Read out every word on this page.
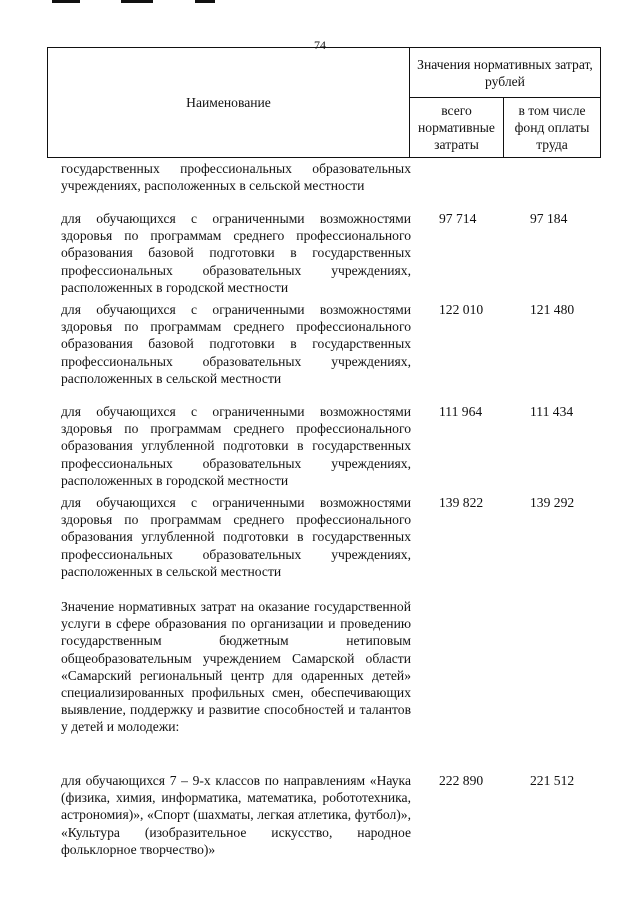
74
Наименование	Значения нормативных затрат, рублей	
	всего нормативные затраты	в том числе фонд оплаты труда
государственных профессиональных образовательных учреждениях, расположенных в сельской местности
для обучающихся с ограниченными возможностями здоровья по программам среднего профессионального образования базовой подготовки в государственных профессиональных образовательных учреждениях, расположенных в городской местности
97 714	97 184
для обучающихся с ограниченными возможностями здоровья по программам среднего профессионального образования базовой подготовки в государственных профессиональных образовательных учреждениях, расположенных в сельской местности
122 010	121 480
для обучающихся с ограниченными возможностями здоровья по программам среднего профессионального образования углубленной подготовки в государственных профессиональных образовательных учреждениях, расположенных в городской местности
111 964	111 434
для обучающихся с ограниченными возможностями здоровья по программам среднего профессионального образования углубленной подготовки в государственных профессиональных образовательных учреждениях, расположенных в сельской местности
139 822	139 292
Значение нормативных затрат на оказание государственной услуги в сфере образования по организации и проведению государственным бюджетным нетиповым общеобразовательным учреждением Самарской области «Самарский региональный центр для одаренных детей» специализированных профильных смен, обеспечивающих выявление, поддержку и развитие способностей и талантов у детей и молодежи:
для обучающихся 7 – 9-х классов по направлениям «Наука (физика, химия, информатика, математика, робототехника, астрономия)», «Спорт (шахматы, легкая атлетика, футбол)», «Культура (изобразительное искусство, народное фольклорное творчество)»
222 890	221 512
